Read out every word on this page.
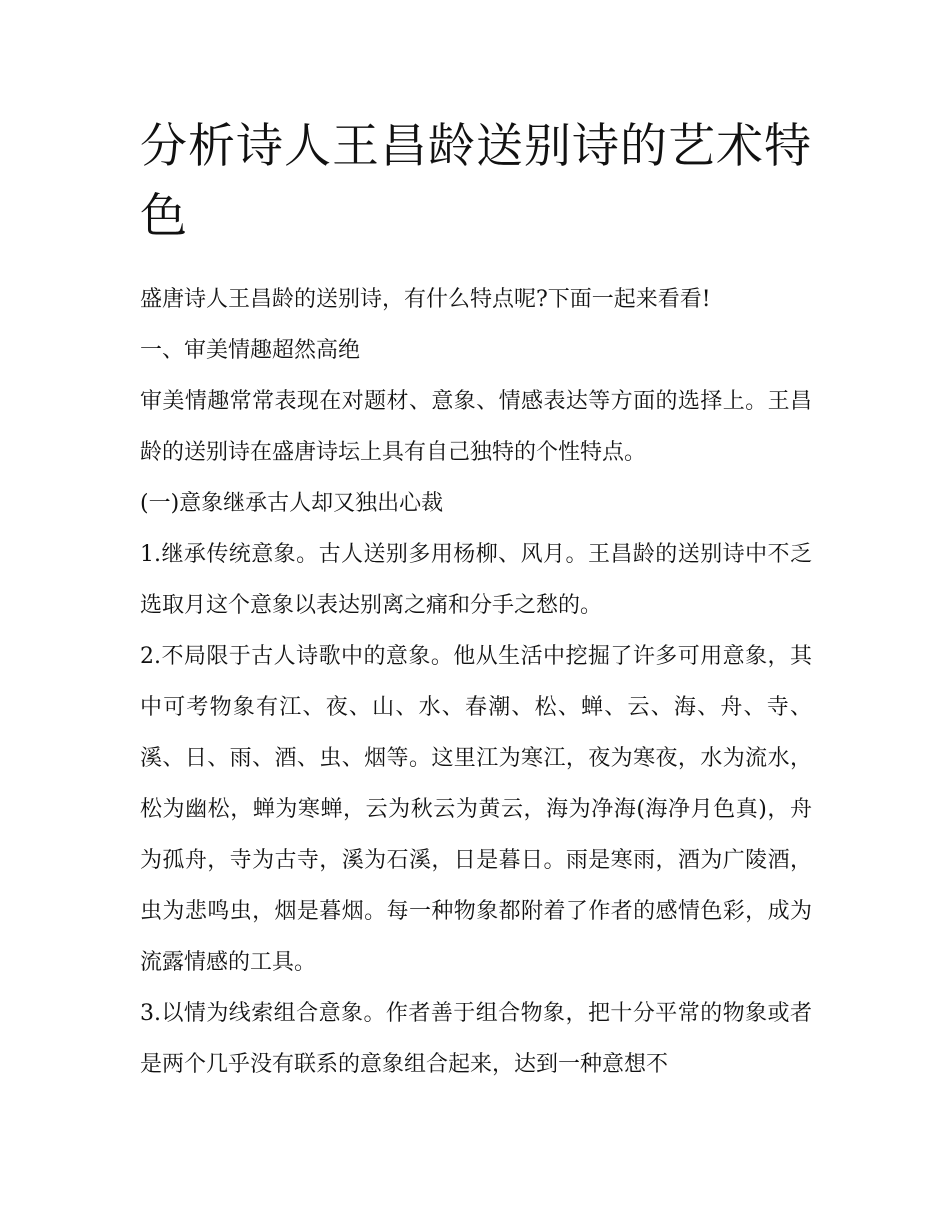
分析诗人王昌龄送别诗的艺术特色

盛唐诗人王昌龄的送别诗，有什么特点呢?下面一起来看看!

一、审美情趣超然高绝

审美情趣常常表现在对题材、意象、情感表达等方面的选择上。王昌龄的送别诗在盛唐诗坛上具有自己独特的个性特点。

(一)意象继承古人却又独出心裁

1.继承传统意象。古人送别多用杨柳、风月。王昌龄的送别诗中不乏选取月这个意象以表达别离之痛和分手之愁的。

2.不局限于古人诗歌中的意象。他从生活中挖掘了许多可用意象，其中可考物象有江、夜、山、水、春潮、松、蝉、云、海、舟、寺、溪、日、雨、酒、虫、烟等。这里江为寒江，夜为寒夜，水为流水，松为幽松，蝉为寒蝉，云为秋云为黄云，海为净海(海净月色真)，舟为孤舟，寺为古寺，溪为石溪，日是暮日。雨是寒雨，酒为广陵酒，虫为悲鸣虫，烟是暮烟。每一种物象都附着了作者的感情色彩，成为流露情感的工具。

3.以情为线索组合意象。作者善于组合物象，把十分平常的物象或者是两个几乎没有联系的意象组合起来，达到一种意想不
